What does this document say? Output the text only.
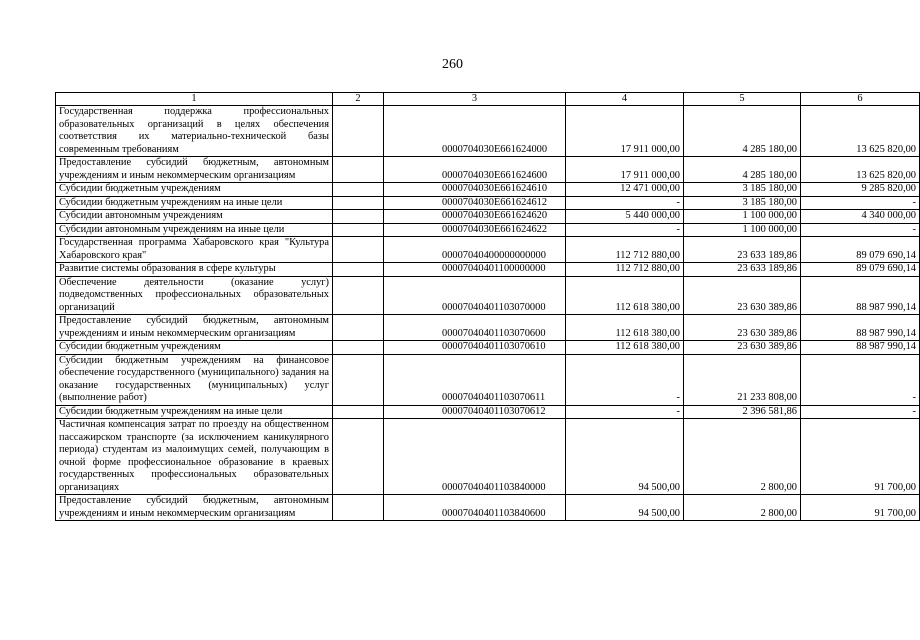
260
1	2	3	4	5	6
Государственная поддержка профессиональных образовательных организаций в целях обеспечения соответствия их материально-технической базы современным требованиям		0000704030Е661624000	17 911 000,00	4 285 180,00	13 625 820,00
Предоставление субсидий бюджетным, автономным учреждениям и иным некоммерческим организациям		0000704030Е661624600	17 911 000,00	4 285 180,00	13 625 820,00
Субсидии бюджетным учреждениям		0000704030Е661624610	12 471 000,00	3 185 180,00	9 285 820,00
Субсидии бюджетным учреждениям на иные цели		0000704030Е661624612	-	3 185 180,00	-
Субсидии автономным учреждениям		0000704030Е661624620	5 440 000,00	1 100 000,00	4 340 000,00
Субсидии автономным учреждениям на иные цели		0000704030Е661624622	-	1 100 000,00	-
Государственная программа Хабаровского края "Культура Хабаровского края"		00007040400000000000	112 712 880,00	23 633 189,86	89 079 690,14
Развитие системы образования в сфере культуры		00007040401100000000	112 712 880,00	23 633 189,86	89 079 690,14
Обеспечение деятельности (оказание услуг) подведомственных профессиональных образовательных организаций		00007040401103070000	112 618 380,00	23 630 389,86	88 987 990,14
Предоставление субсидий бюджетным, автономным учреждениям и иным некоммерческим организациям		00007040401103070600	112 618 380,00	23 630 389,86	88 987 990,14
Субсидии бюджетным учреждениям		00007040401103070610	112 618 380,00	23 630 389,86	88 987 990,14
Субсидии бюджетным учреждениям на финансовое обеспечение государственного (муниципального) задания на оказание государственных (муниципальных) услуг (выполнение работ)		00007040401103070611	-	21 233 808,00	-
Субсидии бюджетным учреждениям на иные цели		00007040401103070612	-	2 396 581,86	-
Частичная компенсация затрат по проезду на общественном пассажирском транспорте (за исключением каникулярного периода) студентам из малоимущих семей, получающим в очной форме профессиональное образование в краевых государственных профессиональных образовательных организациях		00007040401103840000	94 500,00	2 800,00	91 700,00
Предоставление субсидий бюджетным, автономным учреждениям и иным некоммерческим организациям		00007040401103840600	94 500,00	2 800,00	91 700,00
